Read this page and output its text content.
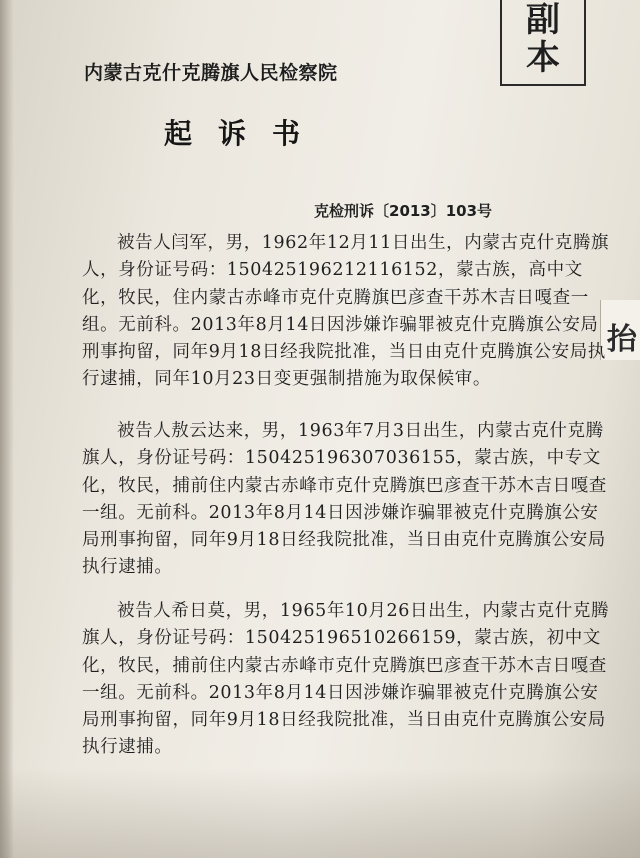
副
本
抬
内蒙古克什克腾旗人民检察院
起诉书
克检刑诉〔2013〕103号

被告人闫军，男，1962年12月11日出生，内蒙古克什克腾旗人，身份证号码：150425196212116152，蒙古族，高中文化，牧民，住内蒙古赤峰市克什克腾旗巴彦查干苏木吉日嘎查一组。无前科。2013年8月14日因涉嫌诈骗罪被克什克腾旗公安局刑事拘留，同年9月18日经我院批准，当日由克什克腾旗公安局执行逮捕，同年10月23日变更强制措施为取保候审。

被告人敖云达来，男，1963年7月3日出生，内蒙古克什克腾旗人，身份证号码：150425196307036155，蒙古族，中专文化，牧民，捕前住内蒙古赤峰市克什克腾旗巴彦查干苏木吉日嘎查一组。无前科。2013年8月14日因涉嫌诈骗罪被克什克腾旗公安局刑事拘留，同年9月18日经我院批准，当日由克什克腾旗公安局执行逮捕。

被告人希日莫，男，1965年10月26日出生，内蒙古克什克腾旗人，身份证号码：150425196510266159，蒙古族，初中文化，牧民，捕前住内蒙古赤峰市克什克腾旗巴彦查干苏木吉日嘎查一组。无前科。2013年8月14日因涉嫌诈骗罪被克什克腾旗公安局刑事拘留，同年9月18日经我院批准，当日由克什克腾旗公安局执行逮捕。
